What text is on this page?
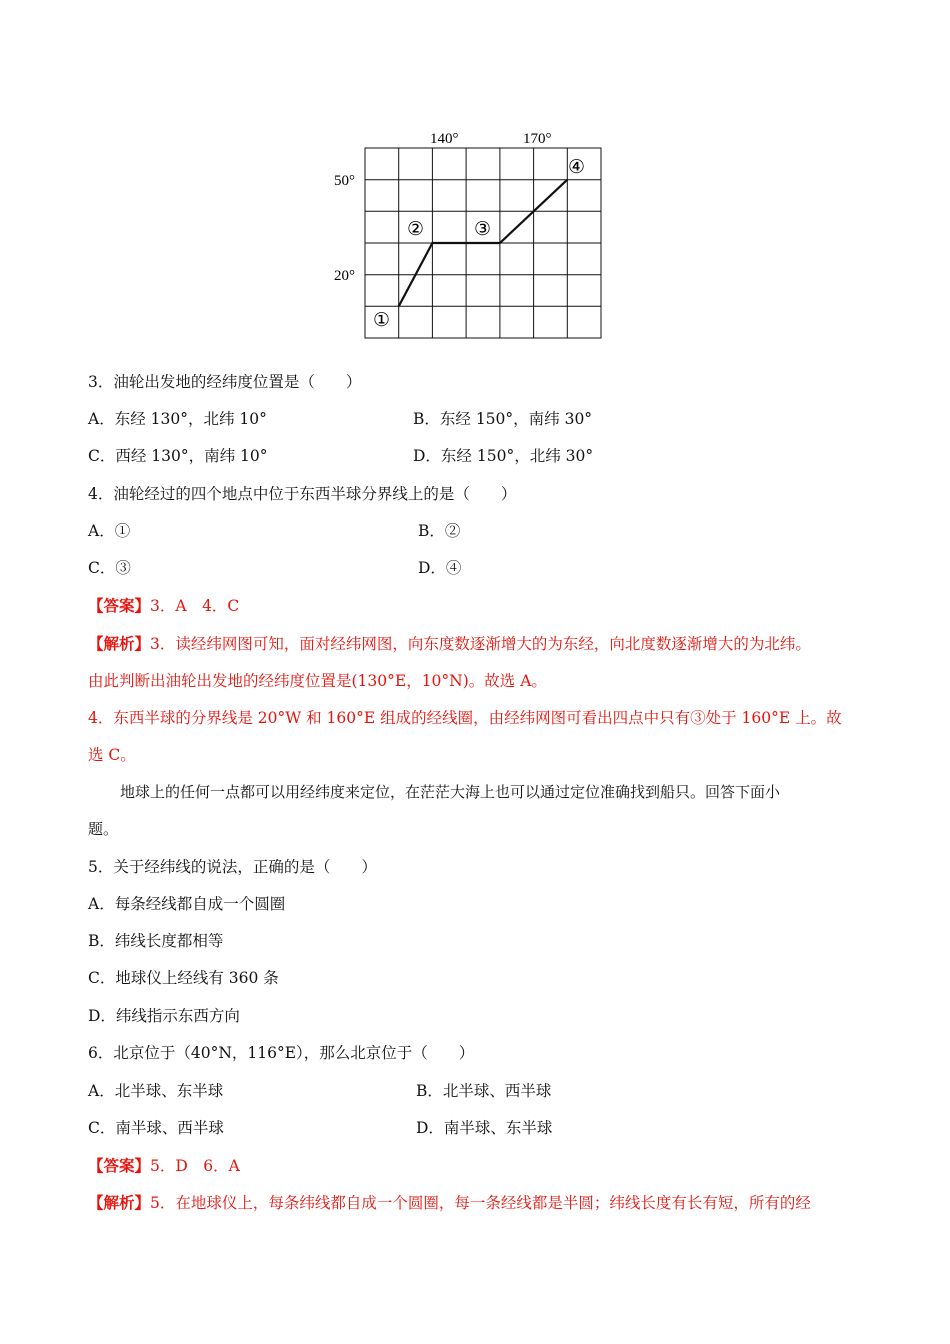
140°	170°
50°
20°
①
②	③
④
3．油轮出发地的经纬度位置是（　　）
A．东经 130°，北纬 10°	B．东经 150°，南纬 30°
C．西经 130°，南纬 10°	D．东经 150°，北纬 30°
4．油轮经过的四个地点中位于东西半球分界线上的是（　　）
A．①	B．②
C．③	D．④
【答案】3．A　4．C
【解析】3．读经纬网图可知，面对经纬网图，向东度数逐渐增大的为东经，向北度数逐渐增大的为北纬。
由此判断出油轮出发地的经纬度位置是(130°E，10°N)。故选 A。
4．东西半球的分界线是 20°W 和 160°E 组成的经线圈，由经纬网图可看出四点中只有③处于 160°E 上。故
选 C。
地球上的任何一点都可以用经纬度来定位，在茫茫大海上也可以通过定位准确找到船只。回答下面小
题。
5．关于经纬线的说法，正确的是（　　）
A．每条经线都自成一个圆圈
B．纬线长度都相等
C．地球仪上经线有 360 条
D．纬线指示东西方向
6．北京位于（40°N，116°E），那么北京位于（　　）
A．北半球、东半球	B．北半球、西半球
C．南半球、西半球	D．南半球、东半球
【答案】5．D　6．A
【解析】5．在地球仪上，每条纬线都自成一个圆圈，每一条经线都是半圆；纬线长度有长有短，所有的经
